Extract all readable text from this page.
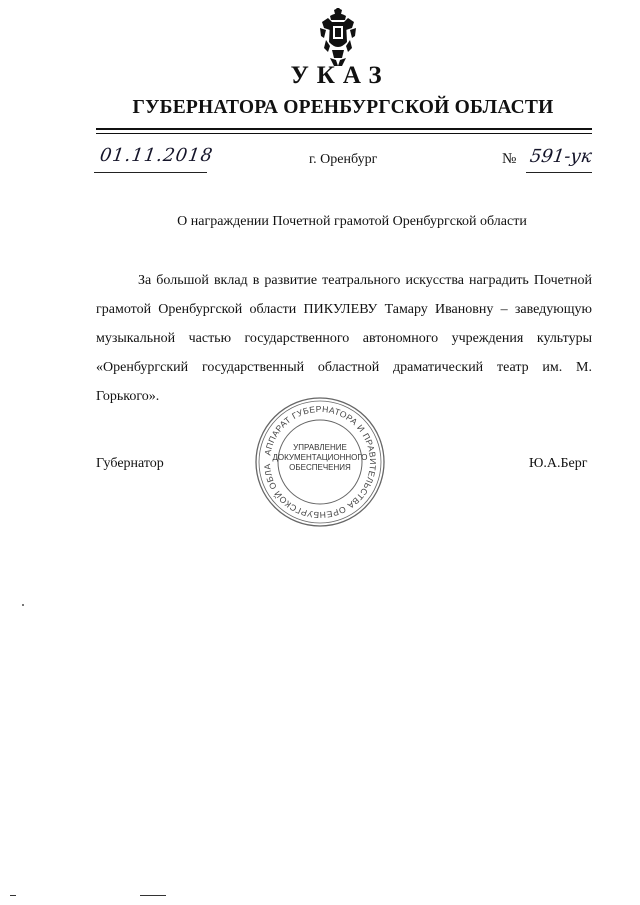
УКАЗ
ГУБЕРНАТОРА ОРЕНБУРГСКОЙ ОБЛАСТИ
01.11.2018	г. Оренбург	№ 591-ук
О награждении Почетной грамотой Оренбургской области

За большой вклад в развитие театрального искусства наградить Почетной грамотой Оренбургской области ПИКУЛЕВУ Тамару Ивановну – заведующую музыкальной частью государственного автономного учреждения культуры «Оренбургский государственный областной драматический театр им. М. Горького».

Губернатор	Ю.А.Берг
АППАРАТ ГУБЕРНАТОРА И ПРАВИТЕЛЬСТВА ОРЕНБУРГСКОЙ ОБЛА
УПРАВЛЕНИЕ
ДОКУМЕНТАЦИОННОГО
ОБЕСПЕЧЕНИЯ
